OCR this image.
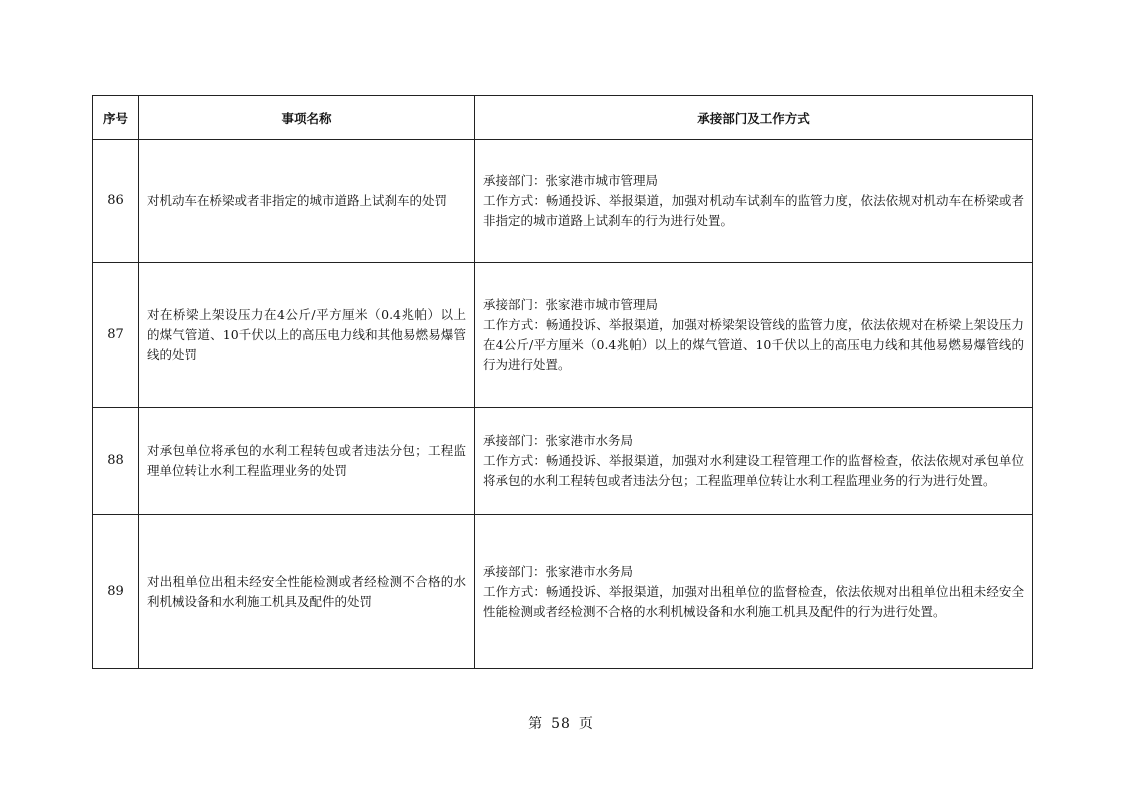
序号	事项名称	承接部门及工作方式
86	对机动车在桥梁或者非指定的城市道路上试刹车的处罚	承接部门：张家港市城市管理局
工作方式：畅通投诉、举报渠道，加强对机动车试刹车的监管力度，依法依规对机动车在桥梁或者非指定的城市道路上试刹车的行为进行处置。

87	对在桥梁上架设压力在4公斤/平方厘米（0.4兆帕）以上的煤气管道、10千伏以上的高压电力线和其他易燃易爆管线的处罚	承接部门：张家港市城市管理局
工作方式：畅通投诉、举报渠道，加强对桥梁架设管线的监管力度，依法依规对在桥梁上架设压力在4公斤/平方厘米（0.4兆帕）以上的煤气管道、10千伏以上的高压电力线和其他易燃易爆管线的行为进行处置。

88	对承包单位将承包的水利工程转包或者违法分包；工程监理单位转让水利工程监理业务的处罚	承接部门：张家港市水务局
工作方式：畅通投诉、举报渠道，加强对水利建设工程管理工作的监督检查，依法依规对承包单位将承包的水利工程转包或者违法分包；工程监理单位转让水利工程监理业务的行为进行处置。

89	对出租单位出租未经安全性能检测或者经检测不合格的水利机械设备和水利施工机具及配件的处罚	承接部门：张家港市水务局
工作方式：畅通投诉、举报渠道，加强对出租单位的监督检查，依法依规对出租单位出租未经安全性能检测或者经检测不合格的水利机械设备和水利施工机具及配件的行为进行处置。
第 58 页
